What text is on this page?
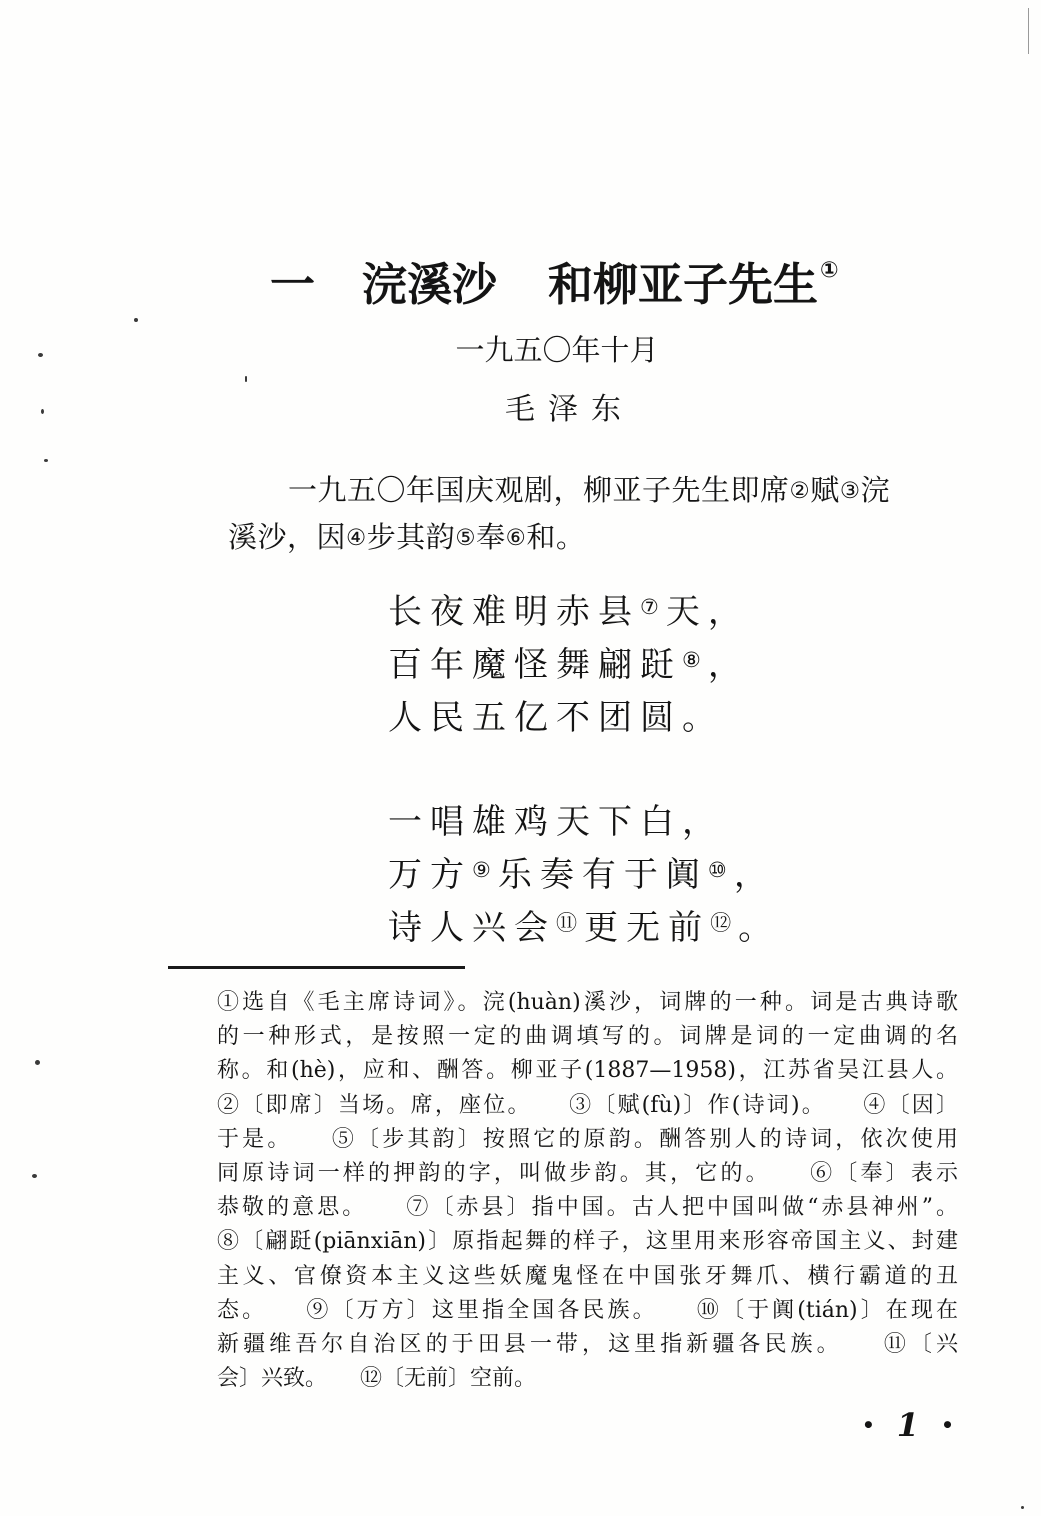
一 浣溪沙 和柳亚子先生 ①
一九五〇年十月
毛泽东
一九五〇年国庆观剧，柳亚子先生即席 ② 赋 ③ 浣
溪沙，因 ④ 步其韵 ⑤ 奉 ⑥ 和。
长夜难明赤县 ⑦ 天，
百年魔怪舞翩跹 ⑧ ，
人民五亿不团圆。
一唱雄鸡天下白，
万方 ⑨ 乐奏有于阗 ⑩ ，
诗人兴会 ⑪ 更无前 ⑫ 。
①选自《毛主席诗词》。浣(huàn)溪沙，词牌的一种。词是古典诗歌
的一种形式，是按照一定的曲调填写的。词牌是词的一定曲调的名
称。和(hè)，应和、酬答。柳亚子(1887—1958)，江苏省吴江县人。
②〔即席〕当场。席，座位。　　③〔赋(fù)〕作(诗词)。　　④〔因〕
于是。　　⑤〔步其韵〕按照它的原韵。酬答别人的诗词，依次使用
同原诗词一样的押韵的字，叫做步韵。其，它的。　　⑥〔奉〕表示
恭敬的意思。　　⑦〔赤县〕指中国。古人把中国叫做“赤县神州”。
⑧〔翩跹(piānxiān)〕原指起舞的样子，这里用来形容帝国主义、封建
主义、官僚资本主义这些妖魔鬼怪在中国张牙舞爪、横行霸道的丑
态。　　⑨〔万方〕这里指全国各民族。　　⑩〔于阗(tián)〕在现在
新疆维吾尔自治区的于田县一带，这里指新疆各民族。　　⑪〔兴
会〕兴致。　　⑫〔无前〕空前。
• 1 •
